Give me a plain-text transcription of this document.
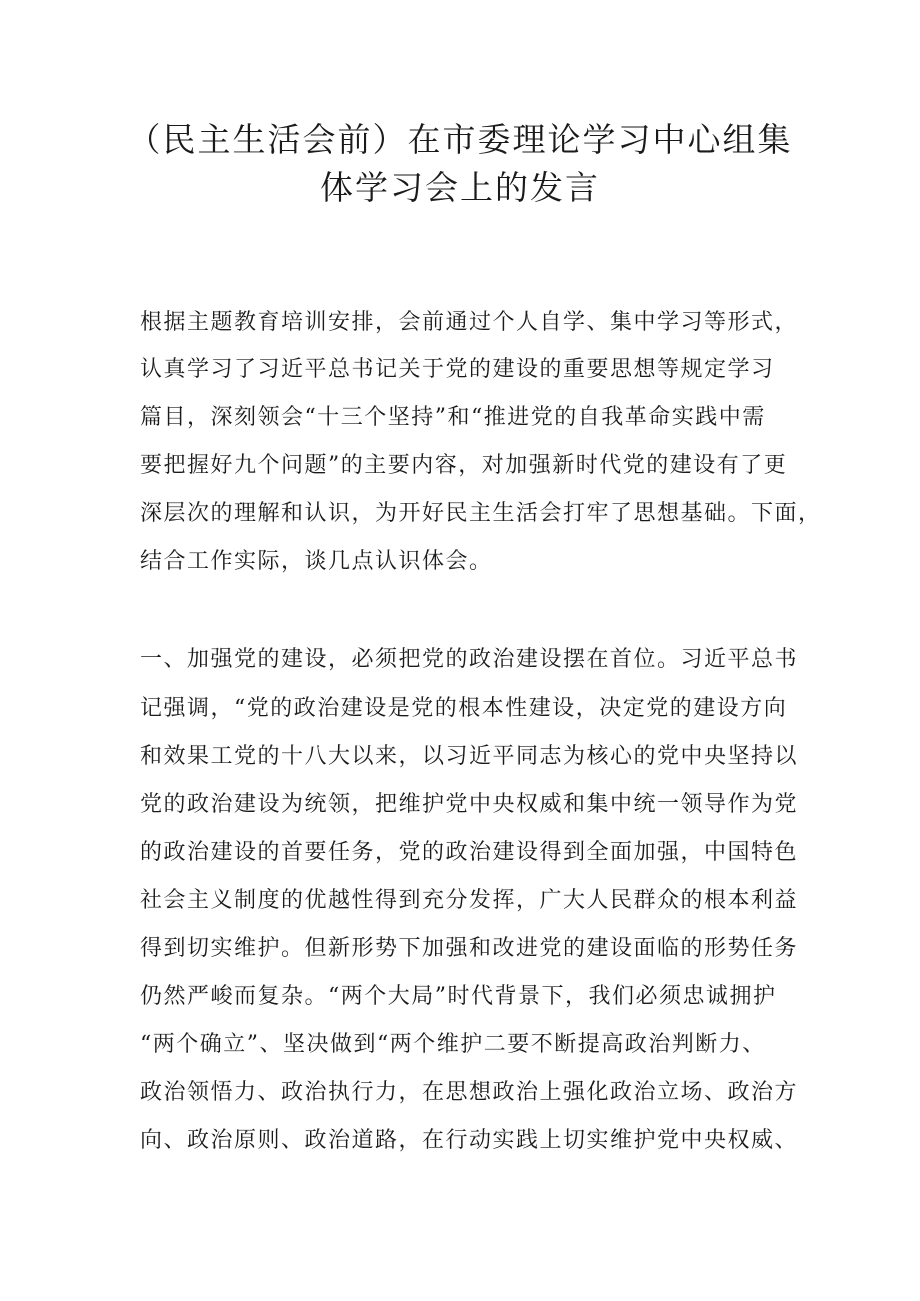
（民主生活会前）在市委理论学习中心组集
体学习会上的发言
根据主题教育培训安排，会前通过个人自学、集中学习等形式，
认真学习了习近平总书记关于党的建设的重要思想等规定学习
篇目，深刻领会“十三个坚持”和“推进党的自我革命实践中需
要把握好九个问题”的主要内容，对加强新时代党的建设有了更
深层次的理解和认识，为开好民主生活会打牢了思想基础。下面，
结合工作实际，谈几点认识体会。
一、加强党的建设，必须把党的政治建设摆在首位。习近平总书
记强调，“党的政治建设是党的根本性建设，决定党的建设方向
和效果工党的十八大以来，以习近平同志为核心的党中央坚持以
党的政治建设为统领，把维护党中央权威和集中统一领导作为党
的政治建设的首要任务，党的政治建设得到全面加强，中国特色
社会主义制度的优越性得到充分发挥，广大人民群众的根本利益
得到切实维护。但新形势下加强和改进党的建设面临的形势任务
仍然严峻而复杂。“两个大局”时代背景下，我们必须忠诚拥护
“两个确立”、坚决做到“两个维护二要不断提高政治判断力、
政治领悟力、政治执行力，在思想政治上强化政治立场、政治方
向、政治原则、政治道路，在行动实践上切实维护党中央权威、
